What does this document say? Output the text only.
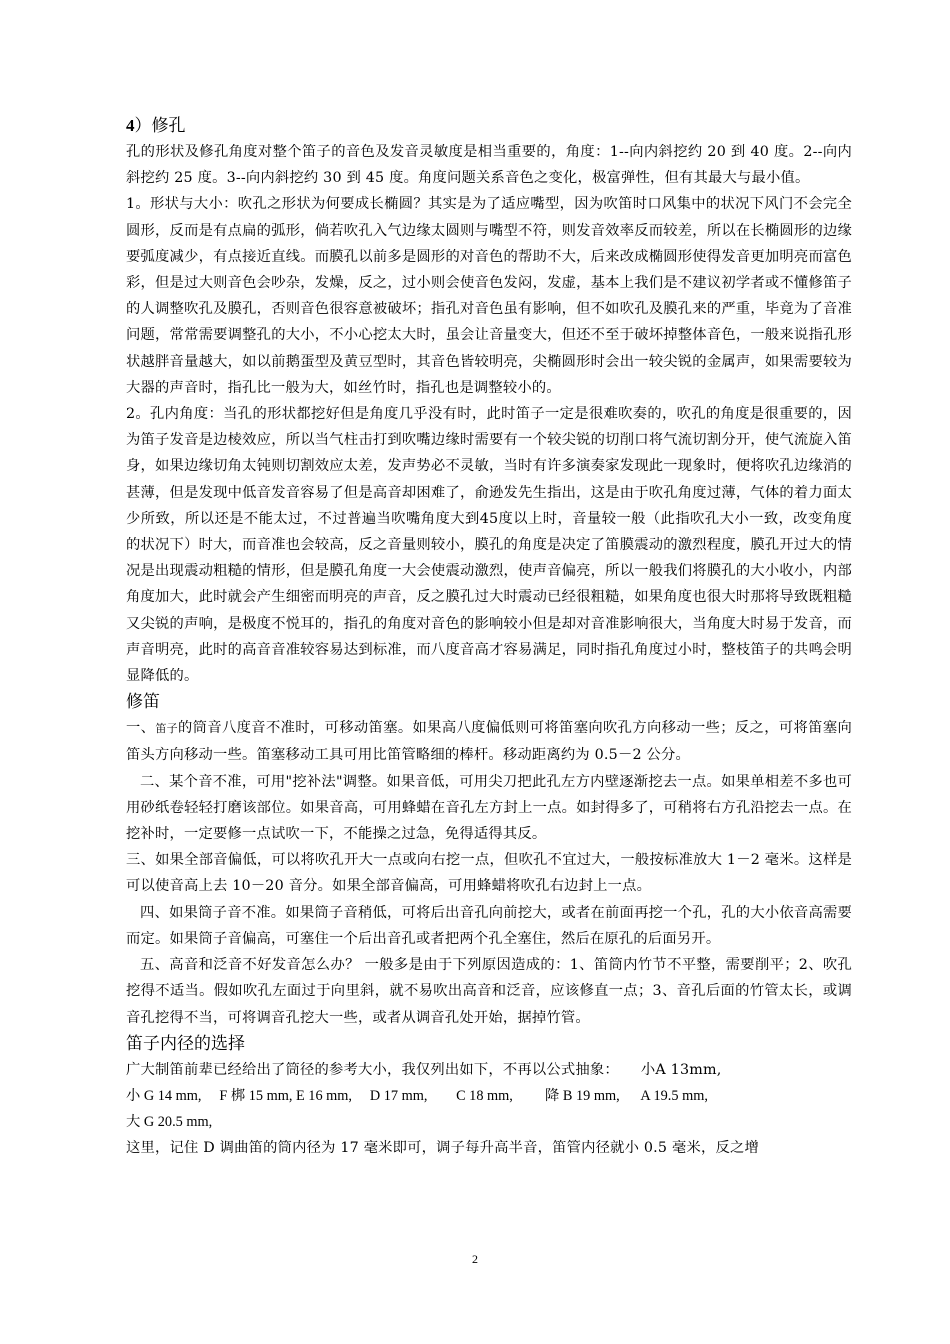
4）修孔

孔的形状及修孔角度对整个笛子的音色及发音灵敏度是相当重要的，角度：1--向内斜挖约 20 到 40 度。2--向内斜挖约 25 度。3--向内斜挖约 30 到 45 度。角度问题关系音色之变化，极富弹性，但有其最大与最小值。

1。形状与大小：吹孔之形状为何要成长椭圆？其实是为了适应嘴型，因为吹笛时口风集中的状况下风门不会完全圆形，反而是有点扁的弧形，倘若吹孔入气边缘太圆则与嘴型不符，则发音效率反而较差，所以在长椭圆形的边缘要弧度减少，有点接近直线。而膜孔以前多是圆形的对音色的帮助不大，后来改成椭圆形使得发音更加明亮而富色彩，但是过大则音色会吵杂，发燥，反之，过小则会使音色发闷，发虚，基本上我们是不建议初学者或不懂修笛子的人调整吹孔及膜孔，否则音色很容意被破坏；指孔对音色虽有影响，但不如吹孔及膜孔来的严重，毕竟为了音准问题，常常需要调整孔的大小，不小心挖太大时，虽会让音量变大，但还不至于破坏掉整体音色，一般来说指孔形状越胖音量越大，如以前鹅蛋型及黄豆型时，其音色皆较明亮，尖椭圆形时会出一较尖锐的金属声，如果需要较为大器的声音时，指孔比一般为大，如丝竹时，指孔也是调整较小的。

2。孔内角度：当孔的形状都挖好但是角度几乎没有时，此时笛子一定是很难吹奏的，吹孔的角度是很重要的，因为笛子发音是边棱效应，所以当气柱击打到吹嘴边缘时需要有一个较尖锐的切削口将气流切割分开，使气流旋入笛身，如果边缘切角太钝则切割效应太差，发声势必不灵敏，当时有许多演奏家发现此一现象时，便将吹孔边缘消的甚薄，但是发现中低音发音容易了但是高音却困难了，俞逊发先生指出，这是由于吹孔角度过薄，气体的着力面太少所致，所以还是不能太过，不过普遍当吹嘴角度大到45度以上时，音量较一般（此指吹孔大小一致，改变角度的状况下）时大，而音准也会较高，反之音量则较小，膜孔的角度是决定了笛膜震动的激烈程度，膜孔开过大的情况是出现震动粗糙的情形，但是膜孔角度一大会使震动激烈，使声音偏亮，所以一般我们将膜孔的大小收小，内部角度加大，此时就会产生细密而明亮的声音，反之膜孔过大时震动已经很粗糙，如果角度也很大时那将导致既粗糙又尖锐的声响，是极度不悦耳的，指孔的角度对音色的影响较小但是却对音准影响很大，当角度大时易于发音，而声音明亮，此时的高音音准较容易达到标准，而八度音高才容易满足，同时指孔角度过小时，整枝笛子的共鸣会明显降低的。

修笛

一、笛子的筒音八度音不准时，可移动笛塞。如果高八度偏低则可将笛塞向吹孔方向移动一些；反之，可将笛塞向笛头方向移动一些。笛塞移动工具可用比笛管略细的棒杆。移动距离约为 0.5－2 公分。

二、某个音不准，可用"挖补法"调整。如果音低，可用尖刀把此孔左方内壁逐渐挖去一点。如果单相差不多也可用砂纸卷轻轻打磨该部位。如果音高，可用蜂蜡在音孔左方封上一点。如封得多了，可稍将右方孔沿挖去一点。在挖补时，一定要修一点试吹一下，不能操之过急，免得适得其反。

三、如果全部音偏低，可以将吹孔开大一点或向右挖一点，但吹孔不宜过大，一般按标准放大 1－2 毫米。这样是可以使音高上去 10－20 音分。如果全部音偏高，可用蜂蜡将吹孔右边封上一点。

四、如果筒子音不准。如果筒子音稍低，可将后出音孔向前挖大，或者在前面再挖一个孔，孔的大小依音高需要而定。如果筒子音偏高，可塞住一个后出音孔或者把两个孔全塞住，然后在原孔的后面另开。

五、高音和泛音不好发音怎么办？ 一般多是由于下列原因造成的：1、笛筒内竹节不平整，需要削平；2、吹孔挖得不适当。假如吹孔左面过于向里斜，就不易吹出高音和泛音，应该修直一点；3、音孔后面的竹管太长，或调音孔挖得不当，可将调音孔挖大一些，或者从调音孔处开始，据掉竹管。

笛子内径的选择

广大制笛前辈已经给出了筒径的参考大小，我仅列出如下，不再以公式抽象： 小A 13mm,

小 G 14 mm, F 梆 15 mm, E 16 mm, D 17 mm, C 18 mm, 降 B 19 mm, A 19.5 mm,

大 G 20.5 mm,

这里，记住 D 调曲笛的筒内径为 17 毫米即可，调子每升高半音，笛管内径就小 0.5 毫米，反之增

2
